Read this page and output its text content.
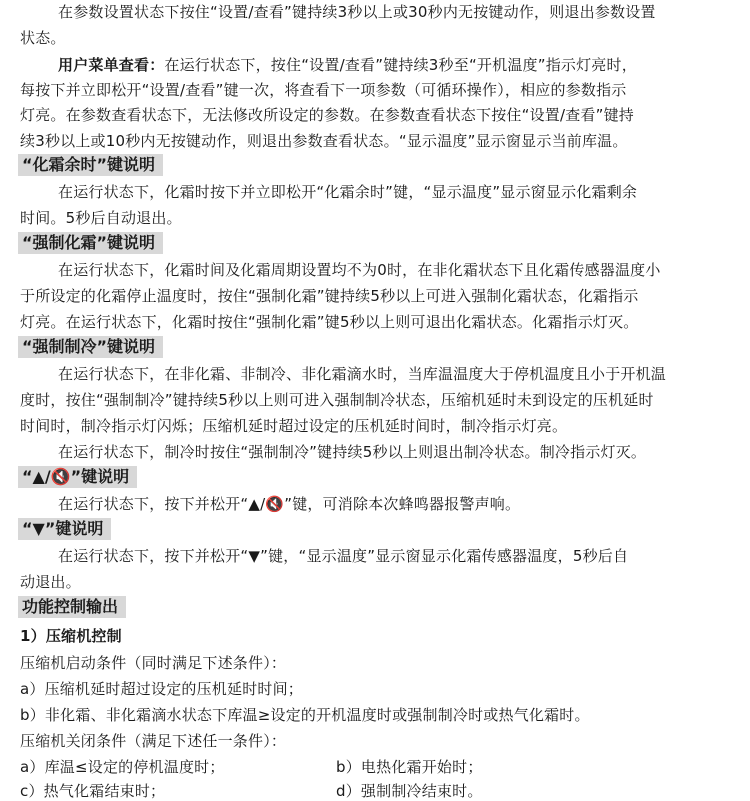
在参数设置状态下按住“设置/查看”键持续3秒以上或30秒内无按键动作，则退出参数设置
状态。
用户菜单查看：在运行状态下，按住“设置/查看”键持续3秒至“开机温度”指示灯亮时，
每按下并立即松开“设置/查看”键一次，将查看下一项参数（可循环操作），相应的参数指示
灯亮。在参数查看状态下，无法修改所设定的参数。在参数查看状态下按住“设置/查看”键持
续3秒以上或10秒内无按键动作，则退出参数查看状态。“显示温度”显示窗显示当前库温。
“化霜余时”键说明
在运行状态下，化霜时按下并立即松开“化霜余时”键，“显示温度”显示窗显示化霜剩余
时间。5秒后自动退出。
“强制化霜”键说明
在运行状态下，化霜时间及化霜周期设置均不为0时，在非化霜状态下且化霜传感器温度小
于所设定的化霜停止温度时，按住“强制化霜”键持续5秒以上可进入强制化霜状态，化霜指示
灯亮。在运行状态下，化霜时按住“强制化霜”键5秒以上则可退出化霜状态。化霜指示灯灭。
“强制制冷”键说明
在运行状态下，在非化霜、非制冷、非化霜滴水时，当库温温度大于停机温度且小于开机温
度时，按住“强制制冷”键持续5秒以上则可进入强制制冷状态，压缩机延时未到设定的压机延时
时间时，制冷指示灯闪烁；压缩机延时超过设定的压机延时间时，制冷指示灯亮。
在运行状态下，制冷时按住“强制制冷”键持续5秒以上则退出制冷状态。制冷指示灯灭。
“▲/🔇”键说明
在运行状态下，按下并松开“▲/🔇”键，可消除本次蜂鸣器报警声响。
“▼”键说明
在运行状态下，按下并松开“▼”键，“显示温度”显示窗显示化霜传感器温度，5秒后自
动退出。
功能控制输出
1）压缩机控制
压缩机启动条件（同时满足下述条件）：
a）压缩机延时超过设定的压机延时时间；
b）非化霜、非化霜滴水状态下库温≥设定的开机温度时或强制制冷时或热气化霜时。
压缩机关闭条件（满足下述任一条件）：
a）库温≤设定的停机温度时；	b）电热化霜开始时；
c）热气化霜结束时；	d）强制制冷结束时。
